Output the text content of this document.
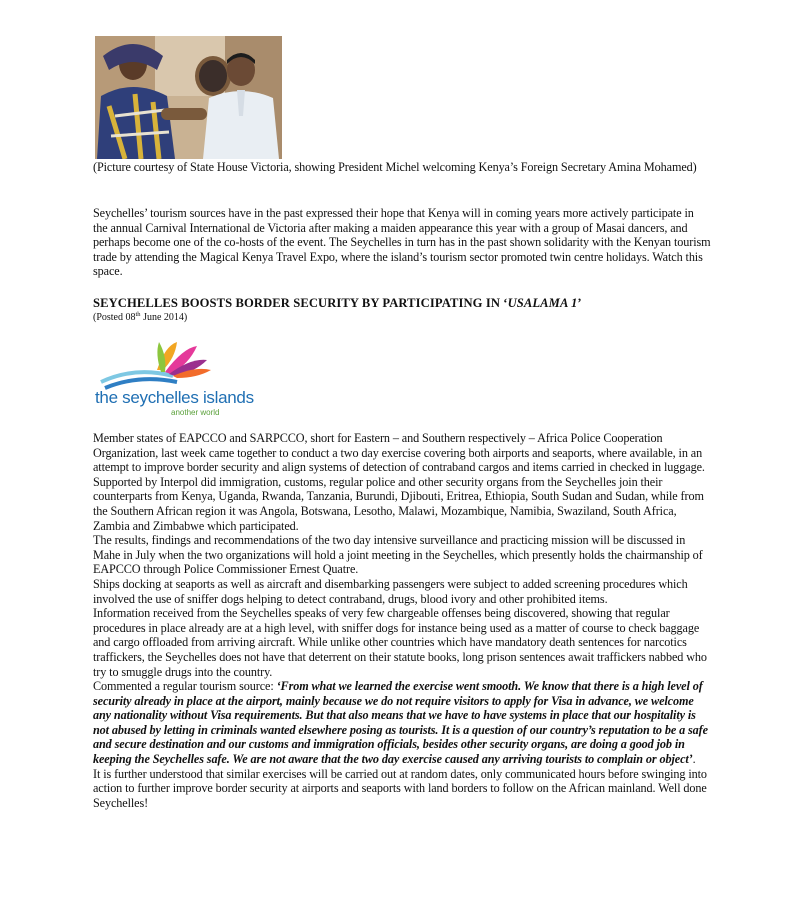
(Picture courtesy of State House Victoria, showing President Michel welcoming Kenya’s Foreign Secretary Amina Mohamed)
Seychelles’ tourism sources have in the past expressed their hope that Kenya will in coming years more actively participate in the annual Carnival International de Victoria after making a maiden appearance this year with a group of Masai dancers, and perhaps become one of the co-hosts of the event. The Seychelles in turn has in the past shown solidarity with the Kenyan tourism trade by attending the Magical Kenya Travel Expo, where the island’s tourism sector promoted twin centre holidays. Watch this space.
SEYCHELLES BOOSTS BORDER SECURITY BY PARTICIPATING IN ‘USALAMA 1’
(Posted 08th June 2014)
the seychelles islands
another world

Member states of EAPCCO and SARPCCO, short for Eastern – and Southern respectively – Africa Police Cooperation Organization, last week came together to conduct a two day exercise covering both airports and seaports, where available, in an attempt to improve border security and align systems of detection of contraband cargos and items carried in checked in luggage.

Supported by Interpol did immigration, customs, regular police and other security organs from the Seychelles join their counterparts from Kenya, Uganda, Rwanda, Tanzania, Burundi, Djibouti, Eritrea, Ethiopia, South Sudan and Sudan, while from the Southern African region it was Angola, Botswana, Lesotho, Malawi, Mozambique, Namibia, Swaziland, South Africa, Zambia and Zimbabwe which participated.

The results, findings and recommendations of the two day intensive surveillance and practicing mission will be discussed in Mahe in July when the two organizations will hold a joint meeting in the Seychelles, which presently holds the chairmanship of EAPCCO through Police Commissioner Ernest Quatre.

Ships docking at seaports as well as aircraft and disembarking passengers were subject to added screening procedures which involved the use of sniffer dogs helping to detect contraband, drugs, blood ivory and other prohibited items.

Information received from the Seychelles speaks of very few chargeable offenses being discovered, showing that regular procedures in place already are at a high level, with sniffer dogs for instance being used as a matter of course to check baggage and cargo offloaded from arriving aircraft. While unlike other countries which have mandatory death sentences for narcotics traffickers, the Seychelles does not have that deterrent on their statute books, long prison sentences await traffickers nabbed who try to smuggle drugs into the country.

Commented a regular tourism source: ‘From what we learned the exercise went smooth. We know that there is a high level of security already in place at the airport, mainly because we do not require visitors to apply for Visa in advance, we welcome any nationality without Visa requirements. But that also means that we have to have systems in place that our hospitality is not abused by letting in criminals wanted elsewhere posing as tourists. It is a question of our country’s reputation to be a safe and secure destination and our customs and immigration officials, besides other security organs, are doing a good job in keeping the Seychelles safe. We are not aware that the two day exercise caused any arriving tourists to complain or object’.

It is further understood that similar exercises will be carried out at random dates, only communicated hours before swinging into action to further improve border security at airports and seaports with land borders to follow on the African mainland. Well done Seychelles!
